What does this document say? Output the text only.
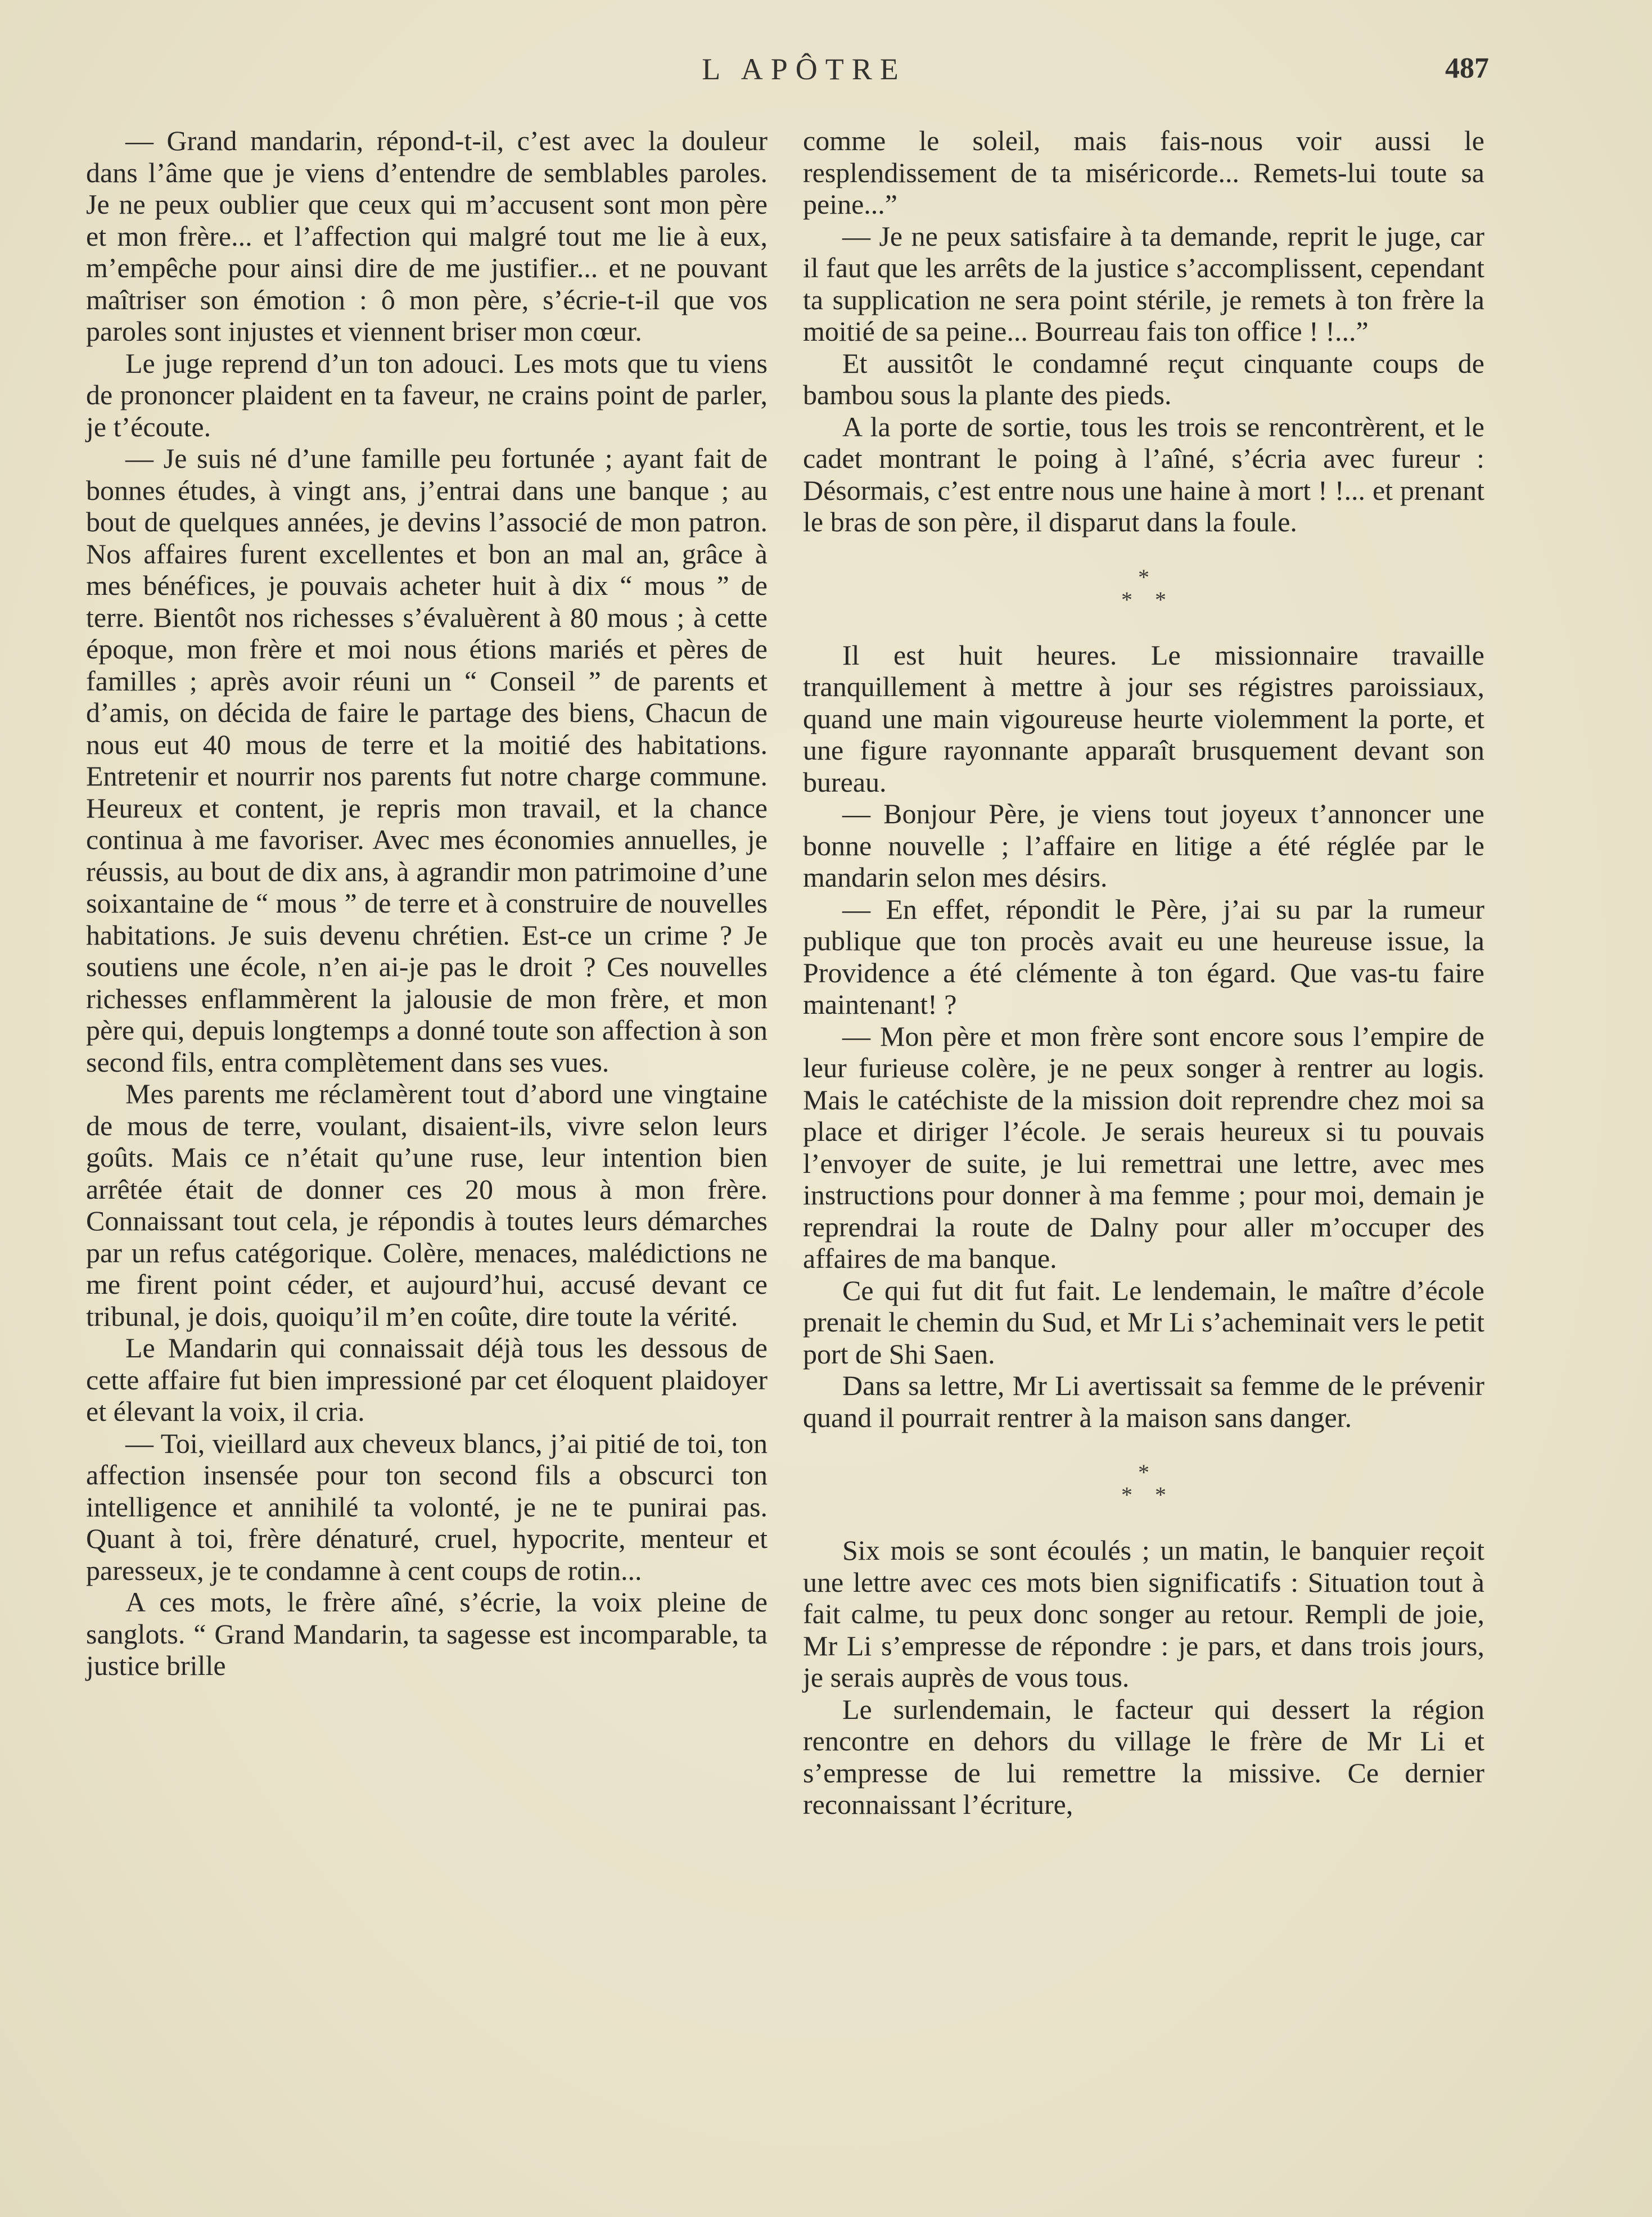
L APÔTRE	487

— Grand mandarin, répond-t-il, c’est avec la douleur dans l’âme que je viens d’entendre de semblables paroles. Je ne peux oublier que ceux qui m’accusent sont mon père et mon frère... et l’affection qui malgré tout me lie à eux, m’empêche pour ainsi dire de me justifier... et ne pouvant maîtriser son émotion : ô mon père, s’écrie-t-il que vos paroles sont injustes et viennent briser mon cœur.

Le juge reprend d’un ton adouci. Les mots que tu viens de prononcer plaident en ta faveur, ne crains point de parler, je t’écoute.

— Je suis né d’une famille peu fortunée ; ayant fait de bonnes études, à vingt ans, j’entrai dans une banque ; au bout de quelques années, je devins l’associé de mon patron. Nos affaires furent excellentes et bon an mal an, grâce à mes bénéfices, je pouvais acheter huit à dix “ mous ” de terre. Bientôt nos richesses s’évaluèrent à 80 mous ; à cette époque, mon frère et moi nous étions mariés et pères de familles ; après avoir réuni un “ Conseil ” de parents et d’amis, on décida de faire le partage des biens, Chacun de nous eut 40 mous de terre et la moitié des habitations. Entretenir et nourrir nos parents fut notre charge commune. Heureux et content, je repris mon travail, et la chance continua à me favoriser. Avec mes économies annuelles, je réussis, au bout de dix ans, à agrandir mon patrimoine d’une soixantaine de “ mous ” de terre et à construire de nouvelles habitations. Je suis devenu chrétien. Est-ce un crime ? Je soutiens une école, n’en ai-je pas le droit ? Ces nouvelles richesses enflammèrent la jalousie de mon frère, et mon père qui, depuis longtemps a donné toute son affection à son second fils, entra complètement dans ses vues.

Mes parents me réclamèrent tout d’abord une vingtaine de mous de terre, voulant, disaient-ils, vivre selon leurs goûts. Mais ce n’était qu’une ruse, leur intention bien arrêtée était de donner ces 20 mous à mon frère. Connaissant tout cela, je répondis à toutes leurs démarches par un refus catégorique. Colère, menaces, malédictions ne me firent point céder, et aujourd’hui, accusé devant ce tribunal, je dois, quoiqu’il m’en coûte, dire toute la vérité.

Le Mandarin qui connaissait déjà tous les dessous de cette affaire fut bien impressioné par cet éloquent plaidoyer et élevant la voix, il cria.

— Toi, vieillard aux cheveux blancs, j’ai pitié de toi, ton affection insensée pour ton second fils a obscurci ton intelligence et annihilé ta volonté, je ne te punirai pas. Quant à toi, frère dénaturé, cruel, hypocrite, menteur et paresseux, je te condamne à cent coups de rotin...

A ces mots, le frère aîné, s’écrie, la voix pleine de sanglots. “ Grand Mandarin, ta sagesse est incomparable, ta justice brille

comme le soleil, mais fais-nous voir aussi le resplendissement de ta miséricorde... Remets-lui toute sa peine...”

— Je ne peux satisfaire à ta demande, reprit le juge, car il faut que les arrêts de la justice s’accomplissent, cependant ta supplication ne sera point stérile, je remets à ton frère la moitié de sa peine... Bourreau fais ton office ! !...”

Et aussitôt le condamné reçut cinquante coups de bambou sous la plante des pieds.

A la porte de sortie, tous les trois se rencontrèrent, et le cadet montrant le poing à l’aîné, s’écria avec fureur : Désormais, c’est entre nous une haine à mort ! !... et prenant le bras de son père, il disparut dans la foule.

*
**

Il est huit heures. Le missionnaire travaille tranquillement à mettre à jour ses régistres paroissiaux, quand une main vigoureuse heurte violemment la porte, et une figure rayonnante apparaît brusquement devant son bureau.

— Bonjour Père, je viens tout joyeux t’annoncer une bonne nouvelle ; l’affaire en litige a été réglée par le mandarin selon mes désirs.

— En effet, répondit le Père, j’ai su par la rumeur publique que ton procès avait eu une heureuse issue, la Providence a été clémente à ton égard. Que vas-tu faire maintenant! ?

— Mon père et mon frère sont encore sous l’empire de leur furieuse colère, je ne peux songer à rentrer au logis. Mais le catéchiste de la mission doit reprendre chez moi sa place et diriger l’école. Je serais heureux si tu pouvais l’envoyer de suite, je lui remettrai une lettre, avec mes instructions pour donner à ma femme ; pour moi, demain je reprendrai la route de Dalny pour aller m’occuper des affaires de ma banque.

Ce qui fut dit fut fait. Le lendemain, le maître d’école prenait le chemin du Sud, et Mr Li s’acheminait vers le petit port de Shi Saen.

Dans sa lettre, Mr Li avertissait sa femme de le prévenir quand il pourrait rentrer à la maison sans danger.

*
**

Six mois se sont écoulés ; un matin, le banquier reçoit une lettre avec ces mots bien significatifs : Situation tout à fait calme, tu peux donc songer au retour. Rempli de joie, Mr Li s’empresse de répondre : je pars, et dans trois jours, je serais auprès de vous tous.

Le surlendemain, le facteur qui dessert la région rencontre en dehors du village le frère de Mr Li et s’empresse de lui remettre la missive. Ce dernier reconnaissant l’écriture,
